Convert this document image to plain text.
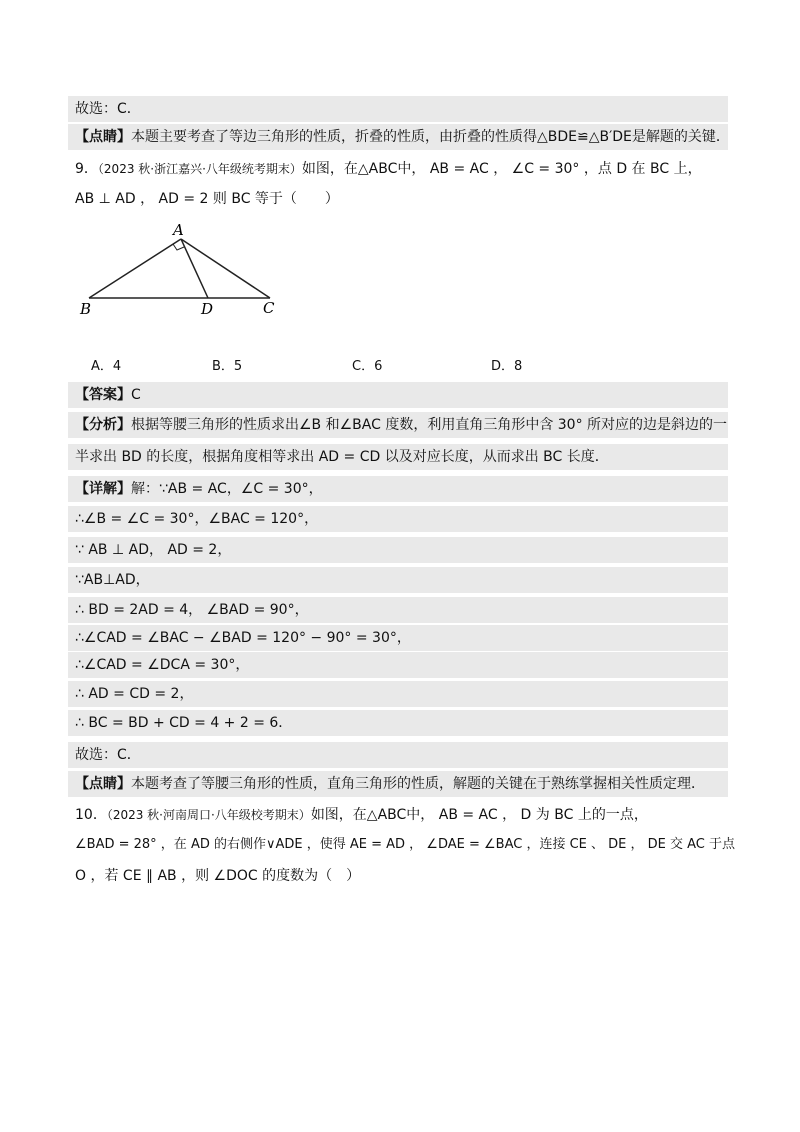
故选：C．
【点睛】本题主要考查了等边三角形的性质，折叠的性质，由折叠的性质得△BDE≌△B′DE是解题的关键．
9．（2023 秋·浙江嘉兴·八年级统考期末）如图，在△ABC中， AB = AC ， ∠C = 30° ，点 D 在 BC 上，
AB ⊥ AD ， AD = 2 则 BC 等于（　　）
A
B	D	C
A．4	B．5	C．6	D．8
【答案】C
【分析】根据等腰三角形的性质求出∠B 和∠BAC 度数，利用直角三角形中含 30° 所对应的边是斜边的一
半求出 BD 的长度，根据角度相等求出 AD = CD 以及对应长度，从而求出 BC 长度．
【详解】解：∵AB = AC，∠C = 30°，
∴∠B = ∠C = 30°，∠BAC = 120°，
∵ AB ⊥ AD， AD = 2，
∵AB⊥AD，
∴ BD = 2AD = 4， ∠BAD = 90°，
∴∠CAD = ∠BAC − ∠BAD = 120° − 90° = 30°，
∴∠CAD = ∠DCA = 30°，
∴ AD = CD = 2，
∴ BC = BD + CD = 4 + 2 = 6．
故选：C．
【点睛】本题考查了等腰三角形的性质，直角三角形的性质，解题的关键在于熟练掌握相关性质定理．
10．（2023 秋·河南周口·八年级校考期末）如图，在△ABC中， AB = AC ， D 为 BC 上的一点，
∠BAD = 28° ，在 AD 的右侧作∨ADE ，使得 AE = AD ， ∠DAE = ∠BAC ，连接 CE 、 DE ， DE 交 AC 于点
O ，若 CE ∥ AB ，则 ∠DOC 的度数为（　）
